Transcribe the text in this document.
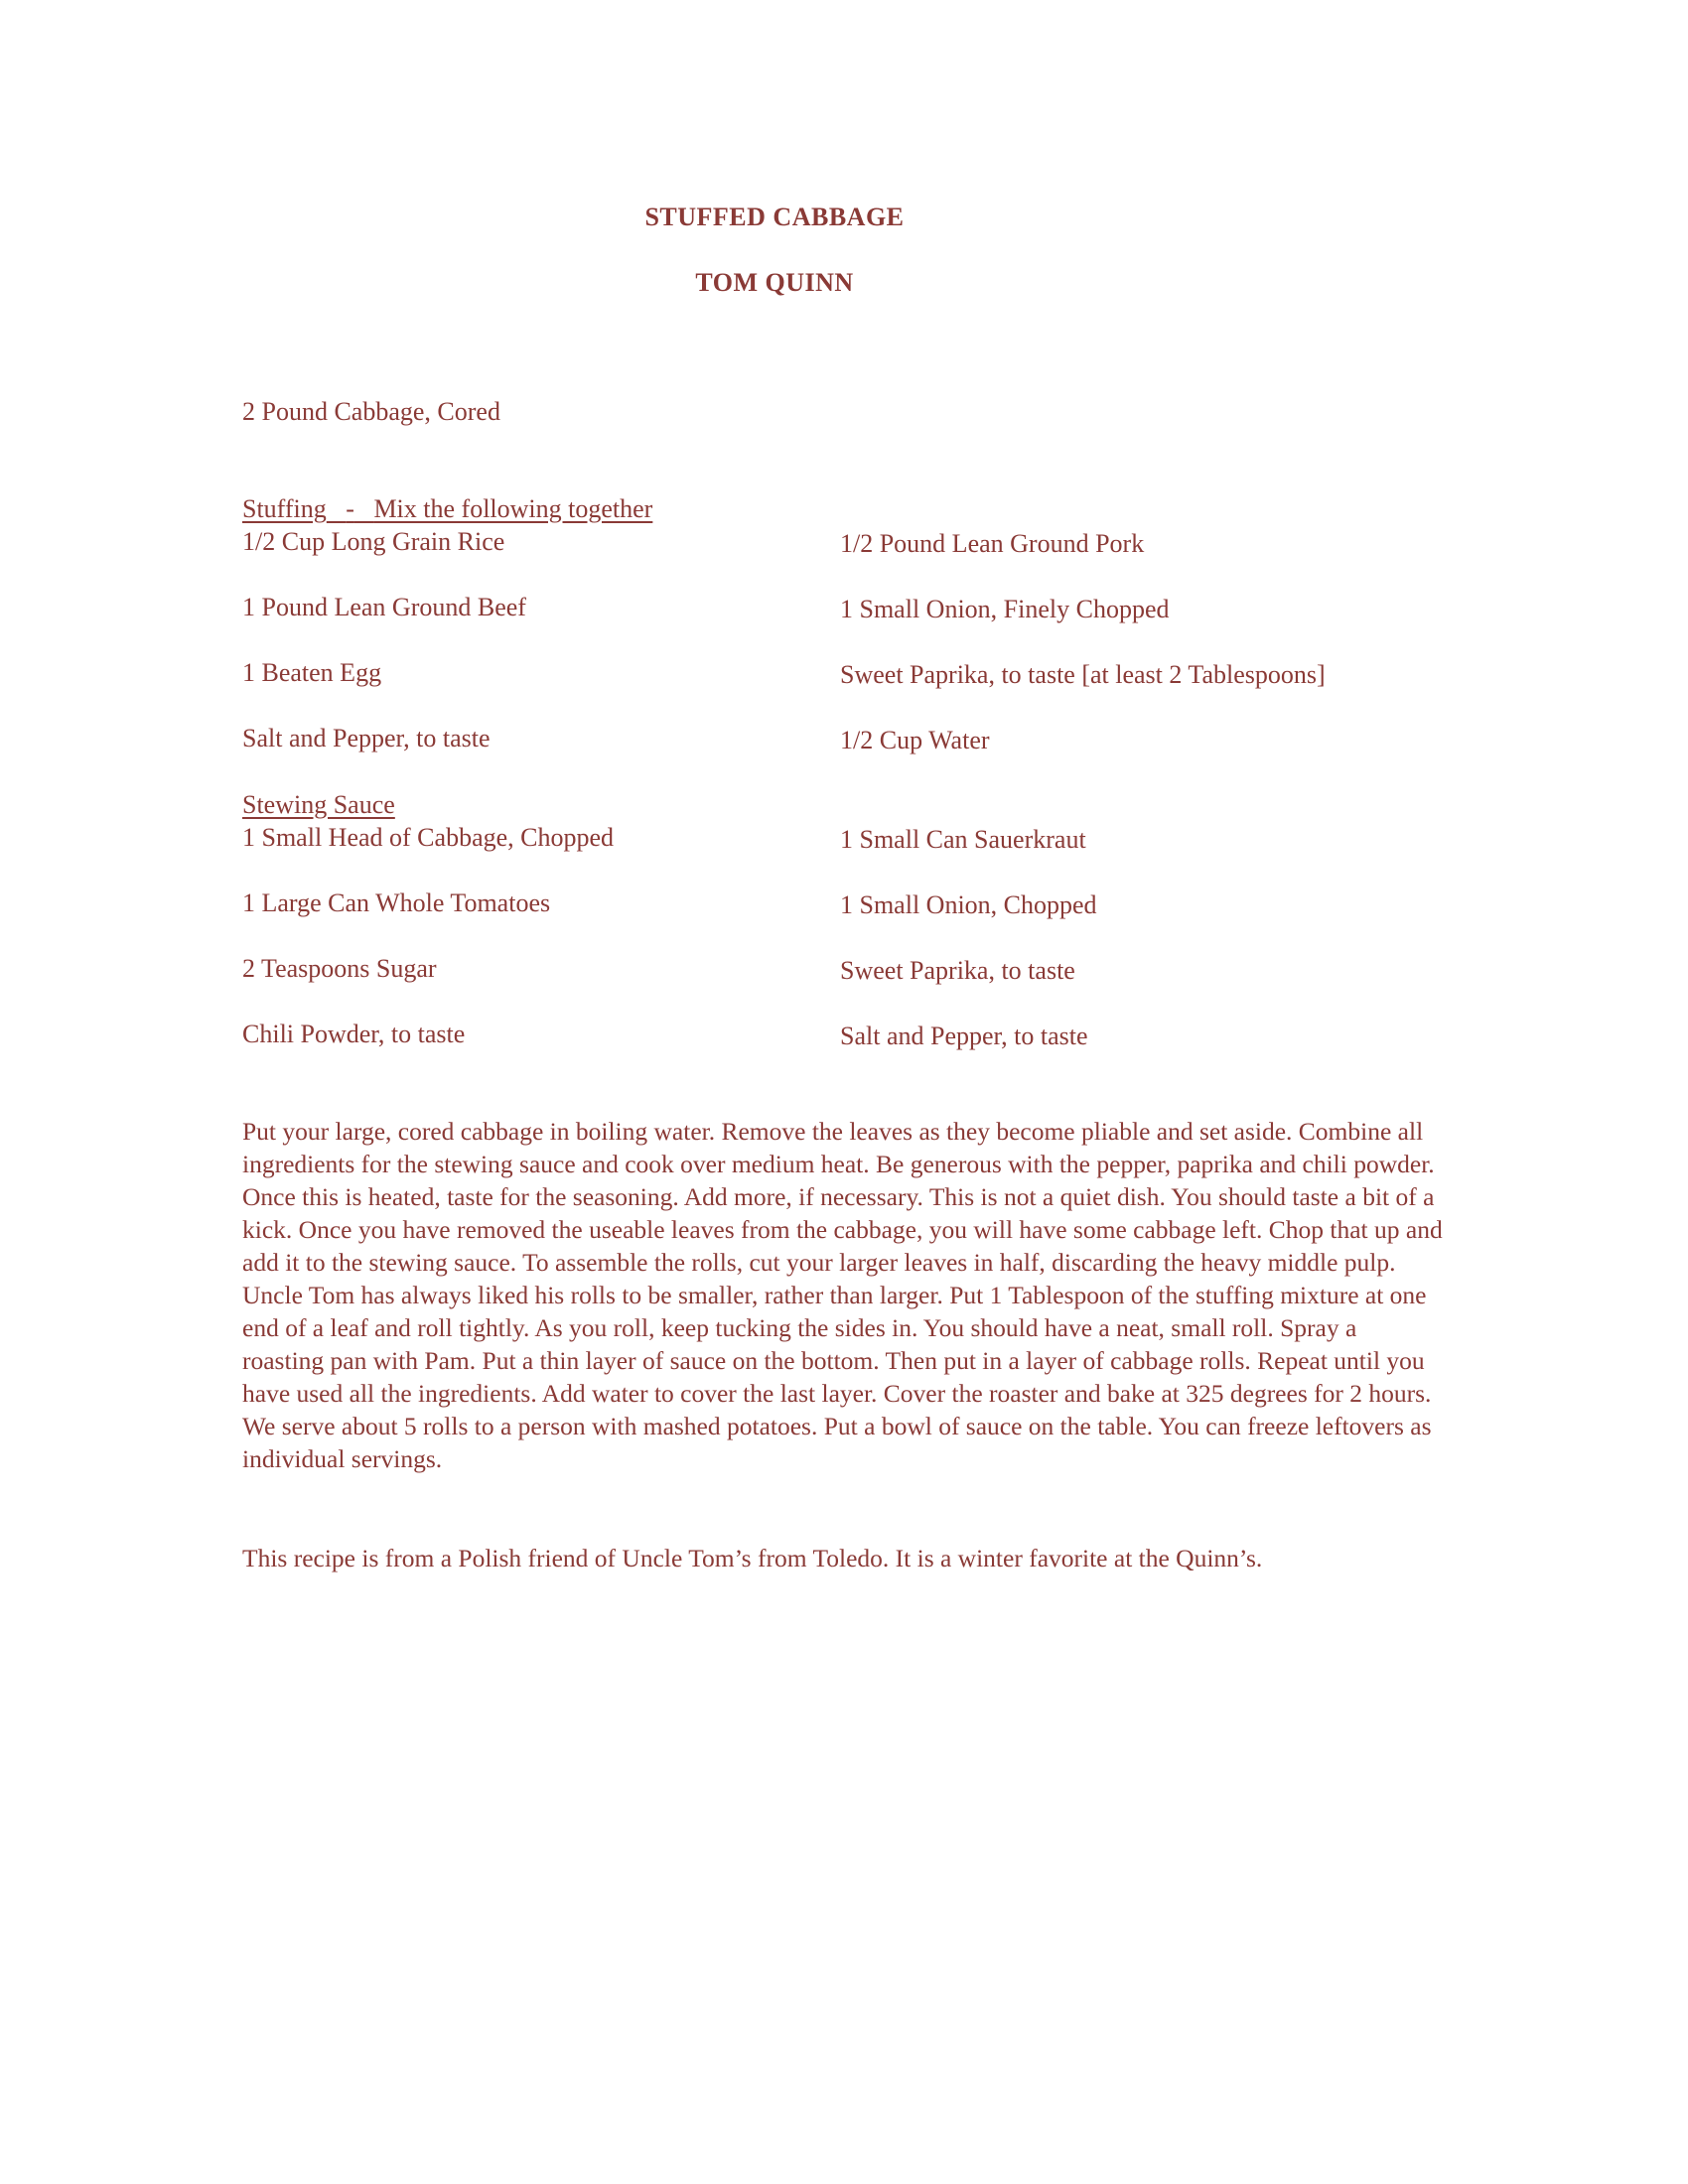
STUFFED CABBAGE
TOM QUINN
2 Pound Cabbage, Cored
Stuffing - Mix the following together
1/2 Cup Long Grain Rice
1 Pound Lean Ground Beef
1 Beaten Egg
Salt and Pepper, to taste
1/2 Pound Lean Ground Pork
1 Small Onion, Finely Chopped
Sweet Paprika, to taste [at least 2 Tablespoons]
1/2 Cup Water
Stewing Sauce
1 Small Head of Cabbage, Chopped
1 Large Can Whole Tomatoes
2 Teaspoons Sugar
Chili Powder, to taste
1 Small Can Sauerkraut
1 Small Onion, Chopped
Sweet Paprika, to taste
Salt and Pepper, to taste

Put your large, cored cabbage in boiling water. Remove the leaves as they become pliable and set aside. Combine all ingredients for the stewing sauce and cook over medium heat. Be generous with the pepper, paprika and chili powder. Once this is heated, taste for the seasoning. Add more, if necessary. This is not a quiet dish. You should taste a bit of a kick. Once you have removed the useable leaves from the cabbage, you will have some cabbage left. Chop that up and add it to the stewing sauce. To assemble the rolls, cut your larger leaves in half, discarding the heavy middle pulp. Uncle Tom has always liked his rolls to be smaller, rather than larger. Put 1 Tablespoon of the stuffing mixture at one end of a leaf and roll tightly. As you roll, keep tucking the sides in. You should have a neat, small roll. Spray a roasting pan with Pam. Put a thin layer of sauce on the bottom. Then put in a layer of cabbage rolls. Repeat until you have used all the ingredients. Add water to cover the last layer. Cover the roaster and bake at 325 degrees for 2 hours. We serve about 5 rolls to a person with mashed potatoes. Put a bowl of sauce on the table. You can freeze leftovers as individual servings.

This recipe is from a Polish friend of Uncle Tom’s from Toledo. It is a winter favorite at the Quinn’s.
